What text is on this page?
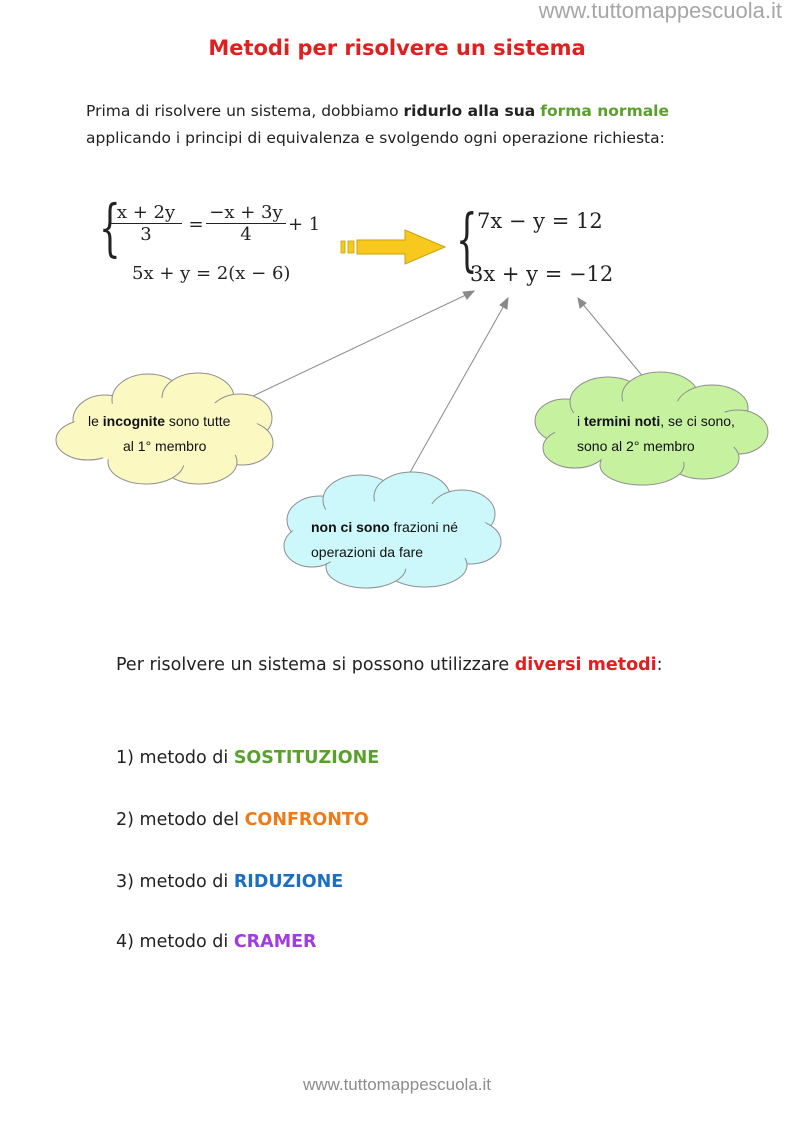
www.tuttomappescuola.it
Metodi per risolvere un sistema
Prima di risolvere un sistema, dobbiamo ridurlo alla sua forma normale
applicando i principi di equivalenza e svolgendo ogni operazione richiesta:
{
$\frac{x + 2y}{3} = \frac{-x + 3y}{4} + 1$
5x + y = 2(x − 6)	{ 7x − y = 12
3x + y = −12
le incognite sono tutte
al 1° membro
non ci sono frazioni né
operazioni da fare
i termini noti, se ci sono,
sono al 2° membro
Per risolvere un sistema si possono utilizzare diversi metodi:
1) metodo di SOSTITUZIONE
2) metodo del CONFRONTO
3) metodo di RIDUZIONE
4) metodo di CRAMER
www.tuttomappescuola.it
